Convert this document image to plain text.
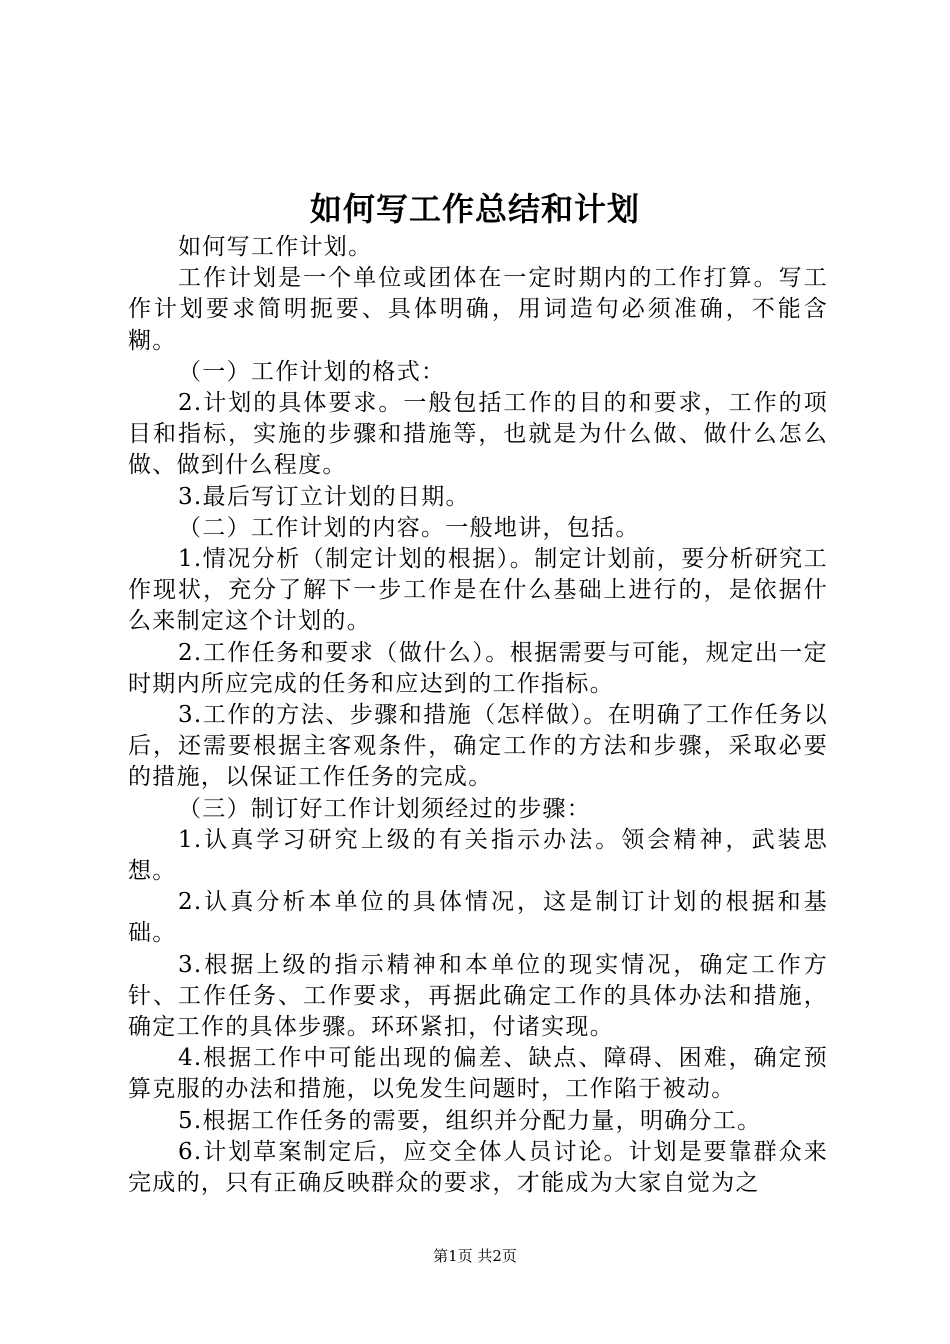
如何写工作总结和计划

如何写工作计划。

工作计划是一个单位或团体在一定时期内的工作打算。写工作计划要求简明扼要、具体明确，用词造句必须准确，不能含糊。

（一）工作计划的格式：

2.计划的具体要求。一般包括工作的目的和要求，工作的项目和指标，实施的步骤和措施等，也就是为什么做、做什么怎么做、做到什么程度。

3.最后写订立计划的日期。

（二）工作计划的内容。一般地讲，包括。

1.情况分析（制定计划的根据）。制定计划前，要分析研究工作现状，充分了解下一步工作是在什么基础上进行的，是依据什么来制定这个计划的。

2.工作任务和要求（做什么）。根据需要与可能，规定出一定时期内所应完成的任务和应达到的工作指标。

3.工作的方法、步骤和措施（怎样做）。在明确了工作任务以后，还需要根据主客观条件，确定工作的方法和步骤，采取必要的措施，以保证工作任务的完成。

（三）制订好工作计划须经过的步骤：

1.认真学习研究上级的有关指示办法。领会精神，武装思想。

2.认真分析本单位的具体情况，这是制订计划的根据和基础。

3.根据上级的指示精神和本单位的现实情况，确定工作方针、工作任务、工作要求，再据此确定工作的具体办法和措施，确定工作的具体步骤。环环紧扣，付诸实现。

4.根据工作中可能出现的偏差、缺点、障碍、困难，确定预算克服的办法和措施，以免发生问题时，工作陷于被动。

5.根据工作任务的需要，组织并分配力量，明确分工。

6.计划草案制定后，应交全体人员讨论。计划是要靠群众来完成的，只有正确反映群众的要求，才能成为大家自觉为之

第1页 共2页
